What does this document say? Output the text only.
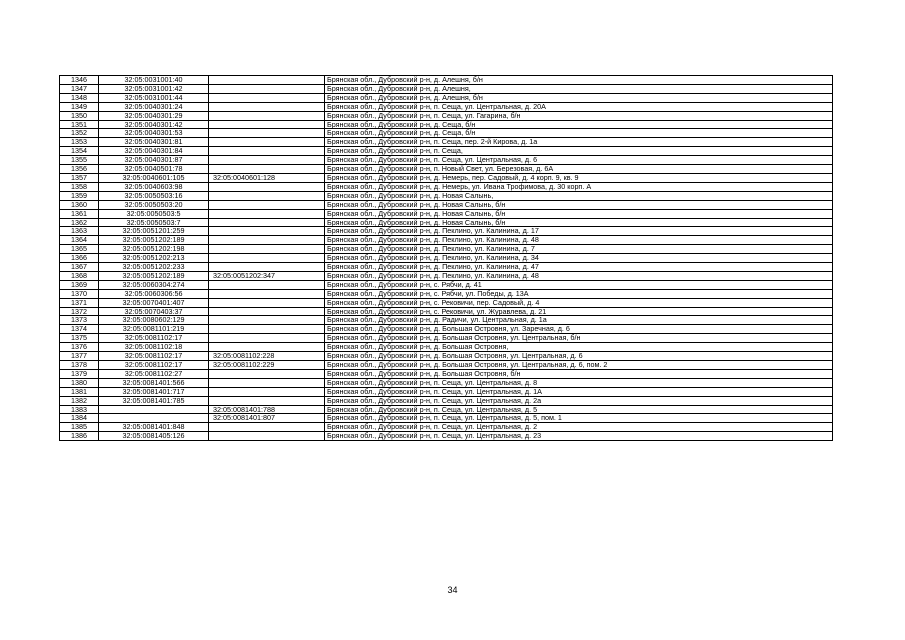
1346	32:05:0031001:40		Брянская обл., Дубровский р-н, д. Алешня, б/н
1347	32:05:0031001:42		Брянская обл., Дубровский р-н, д. Алешня,
1348	32:05:0031001:44		Брянская обл., Дубровский р-н, д. Алешня, б/н
1349	32:05:0040301:24		Брянская обл., Дубровский р-н, п. Сеща, ул. Центральная, д. 20А
1350	32:05:0040301:29		Брянская обл., Дубровский р-н, п. Сеща, ул. Гагарина, б/н
1351	32:05:0040301:42		Брянская обл., Дубровский р-н, д. Сеща, б/н
1352	32:05:0040301:53		Брянская обл., Дубровский р-н, д. Сеща, б/н
1353	32:05:0040301:81		Брянская обл., Дубровский р-н, п. Сеща, пер. 2-й Кирова, д. 1а
1354	32:05:0040301:84		Брянская обл., Дубровский р-н, п. Сеща,
1355	32:05:0040301:87		Брянская обл., Дубровский р-н, п. Сеща, ул. Центральная, д. 6
1356	32:05:0040501:78		Брянская обл., Дубровский р-н, п. Новый Свет, ул. Березовая, д. 6А
1357	32:05:0040601:105	32:05:0040601:128	Брянская обл., Дубровский р-н, д. Немерь, пер. Садовый, д. 4 корп. 9, кв. 9
1358	32:05:0040603:98		Брянская обл., Дубровский р-н, д. Немерь, ул. Ивана Трофимова, д. 30 корп. А
1359	32:05:0050503:16		Брянская обл., Дубровский р-н, д. Новая Салынь,
1360	32:05:0050503:20		Брянская обл., Дубровский р-н, д. Новая Салынь, б/н
1361	32:05:0050503:5		Брянская обл., Дубровский р-н, д. Новая Салынь, б/н
1362	32:05:0050503:7		Брянская обл., Дубровский р-н, д. Новая Салынь, б/н
1363	32:05:0051201:259		Брянская обл., Дубровский р-н, д. Пеклино, ул. Калинина, д. 17
1364	32:05:0051202:189		Брянская обл., Дубровский р-н, д. Пеклино, ул. Калинина, д. 48
1365	32:05:0051202:198		Брянская обл., Дубровский р-н, д. Пеклино, ул. Калинина, д. 7
1366	32:05:0051202:213		Брянская обл., Дубровский р-н, д. Пеклино, ул. Калинина, д. 34
1367	32:05:0051202:233		Брянская обл., Дубровский р-н, д. Пеклино, ул. Калинина, д. 47
1368	32:05:0051202:189	32:05:0051202:347	Брянская обл., Дубровский р-н, д. Пеклино, ул. Калинина, д. 48
1369	32:05:0060304:274		Брянская обл., Дубровский р-н, с. Рябчи, д. 41
1370	32:05:0060306:56		Брянская обл., Дубровский р-н, с. Рябчи, ул. Победы, д. 13А
1371	32:05:0070401:407		Брянская обл., Дубровский р-н, с. Рековичи, пер. Садовый, д. 4
1372	32:05:0070403:37		Брянская обл., Дубровский р-н, с. Рековичи, ул. Журавлева, д. 21
1373	32:05:0080602:129		Брянская обл., Дубровский р-н, д. Радичи, ул. Центральная, д. 1а
1374	32:05:0081101:219		Брянская обл., Дубровский р-н, д. Большая Островня, ул. Заречная, д. 6
1375	32:05:0081102:17		Брянская обл., Дубровский р-н, д. Большая Островня, ул. Центральная, б/н
1376	32:05:0081102:18		Брянская обл., Дубровский р-н, д. Большая Островня,
1377	32:05:0081102:17	32:05:0081102:228	Брянская обл., Дубровский р-н, д. Большая Островня, ул. Центральная, д. 6
1378	32:05:0081102:17	32:05:0081102:229	Брянская обл., Дубровский р-н, д. Большая Островня, ул. Центральная, д. 6, пом. 2
1379	32:05:0081102:27		Брянская обл., Дубровский р-н, д. Большая Островня, б/н
1380	32:05:0081401:566		Брянская обл., Дубровский р-н, п. Сеща, ул. Центральная, д. 8
1381	32:05:0081401:717		Брянская обл., Дубровский р-н, п. Сеща, ул. Центральная, д. 1А
1382	32:05:0081401:785		Брянская обл., Дубровский р-н, п. Сеща, ул. Центральная, д. 2а
1383		32:05:0081401:788	Брянская обл., Дубровский р-н, п. Сеща, ул. Центральная, д. 5
1384		32:05:0081401:807	Брянская обл., Дубровский р-н, п. Сеща, ул. Центральная, д. 5, пом. 1
1385	32:05:0081401:848		Брянская обл., Дубровский р-н, п. Сеща, ул. Центральная, д. 2
1386	32:05:0081405:126		Брянская обл., Дубровский р-н, п. Сеща, ул. Центральная, д. 23
34
